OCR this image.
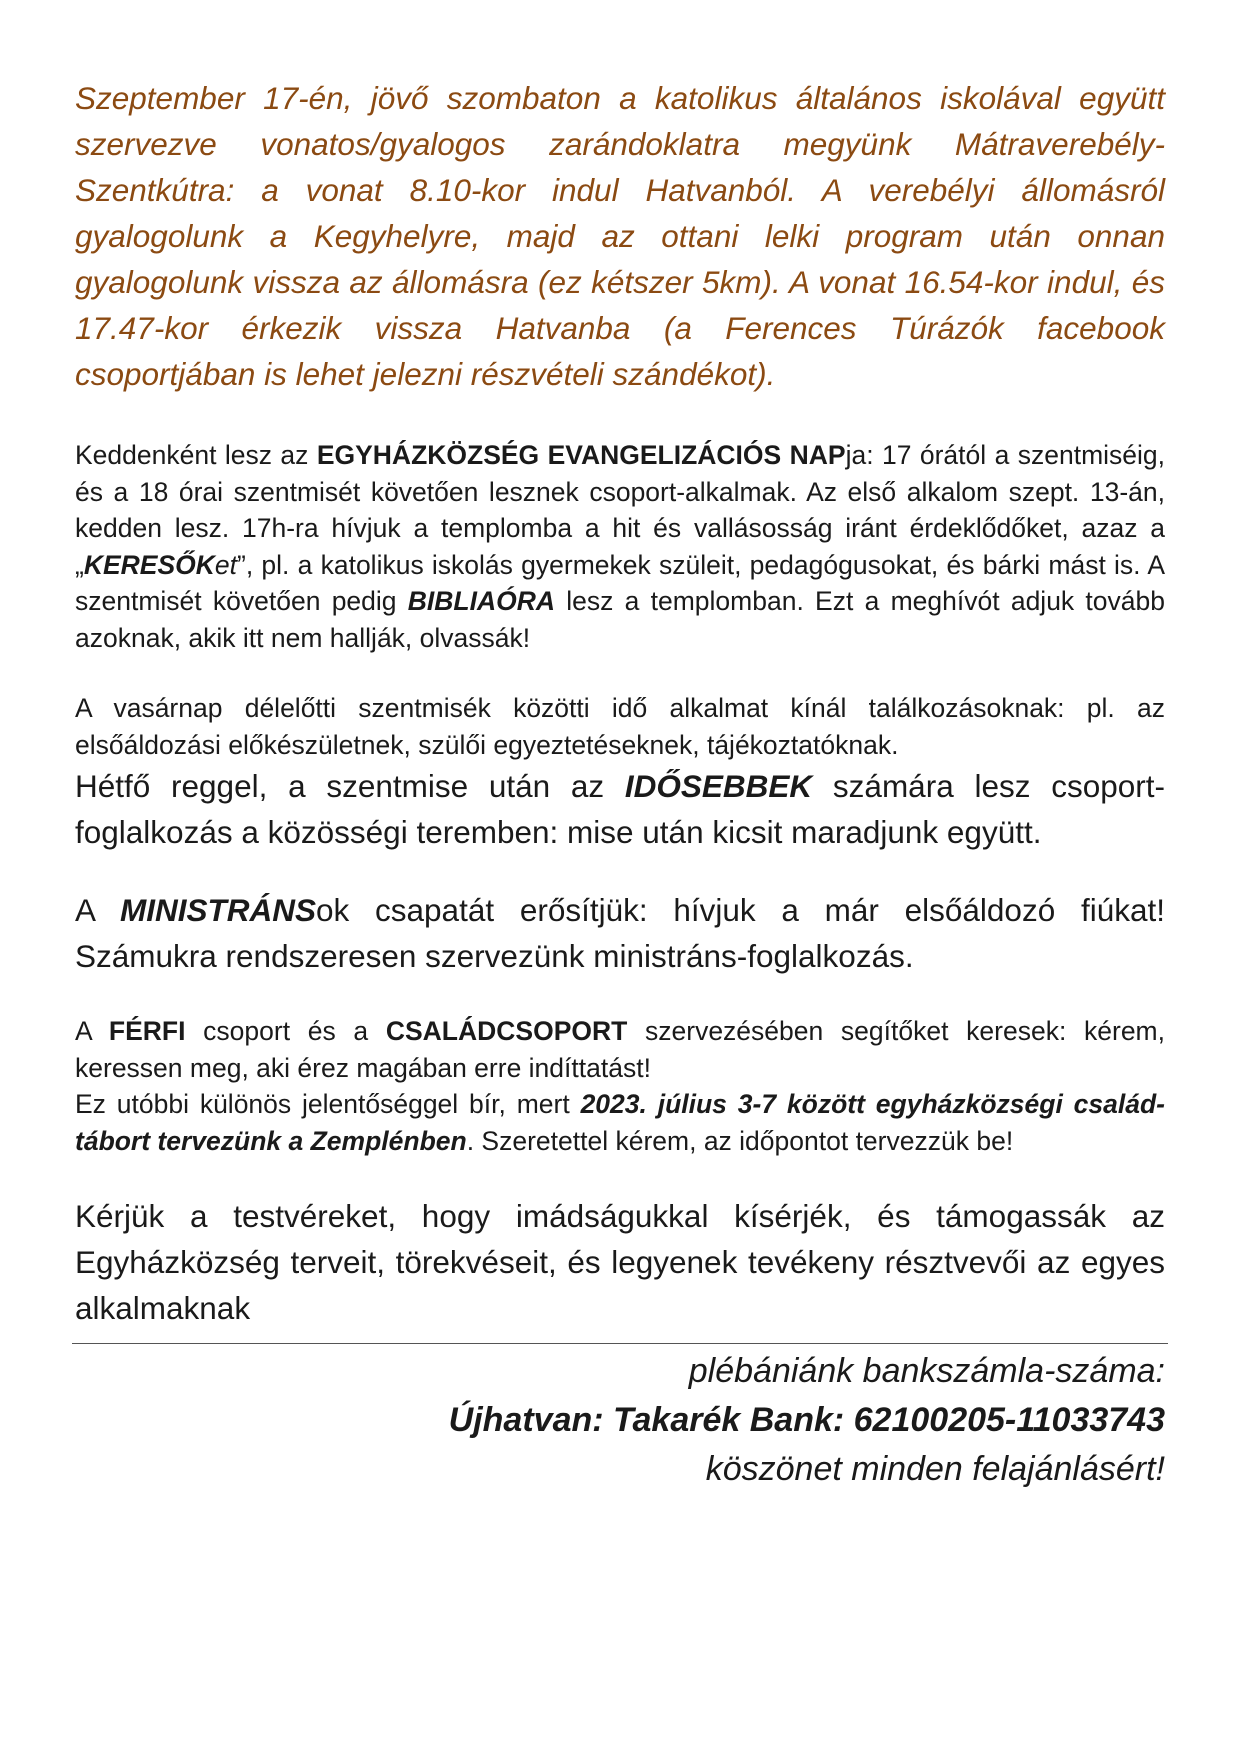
Szeptember 17-én, jövő szombaton a katolikus általános iskolával együtt szervezve vonatos/gyalogos zarándoklatra megyünk Mátraverebély-Szentkútra: a vonat 8.10-kor indul Hatvanból. A verebélyi állomásról gyalogolunk a Kegyhelyre, majd az ottani lelki program után onnan gyalogolunk vissza az állomásra (ez kétszer 5km). A vonat 16.54-kor indul, és 17.47-kor érkezik vissza Hatvanba (a Ferences Túrázók facebook csoportjában is lehet jelezni részvételi szándékot).

Keddenként lesz az EGYHÁZKÖZSÉG EVANGELIZÁCIÓS NAPja: 17 órától a szentmiséig, és a 18 órai szentmisét követően lesznek csoport-alkalmak. Az első alkalom szept. 13-án, kedden lesz. 17h-ra hívjuk a templomba a hit és vallásosság iránt érdeklődőket, azaz a „KERESŐKet”, pl. a katolikus iskolás gyermekek szüleit, pedagógusokat, és bárki mást is. A szentmisét követően pedig BIBLIAÓRA lesz a templomban. Ezt a meghívót adjuk tovább azoknak, akik itt nem hallják, olvassák!

A vasárnap délelőtti szentmisék közötti idő alkalmat kínál találkozásoknak: pl. az elsőáldozási előkészületnek, szülői egyeztetéseknek, tájékoztatóknak.

Hétfő reggel, a szentmise után az IDŐSEBBEK számára lesz csoport-foglalkozás a közösségi teremben: mise után kicsit maradjunk együtt.

A MINISTRÁNSok csapatát erősítjük: hívjuk a már elsőáldozó fiúkat! Számukra rendszeresen szervezünk ministráns-foglalkozás.

A FÉRFI csoport és a CSALÁDCSOPORT szervezésében segítőket keresek: kérem, keressen meg, aki érez magában erre indíttatást!

Ez utóbbi különös jelentőséggel bír, mert 2023. július 3-7 között egyházközségi család-tábort tervezünk a Zemplénben. Szeretettel kérem, az időpontot tervezzük be!

Kérjük a testvéreket, hogy imádságukkal kísérjék, és támogassák az Egyházközség terveit, törekvéseit, és legyenek tevékeny résztvevői az egyes alkalmaknak

plébániánk bankszámla-száma:
Újhatvan: Takarék Bank: 62100205-11033743
köszönet minden felajánlásért!
